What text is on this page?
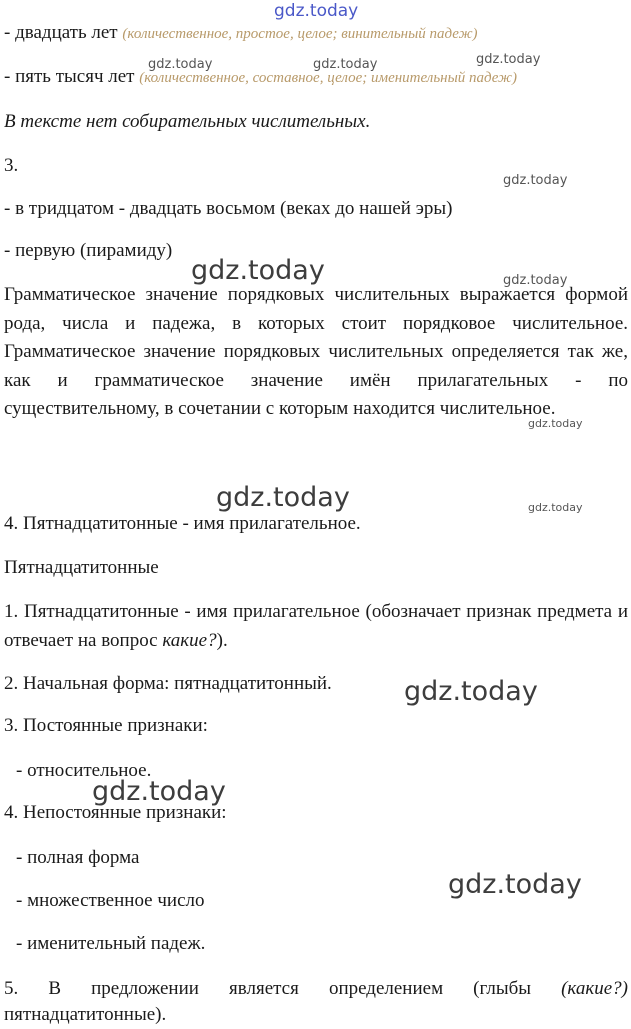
- двадцать лет (количественное, простое, целое; винительный падеж)
- пять тысяч лет (количественное, составное, целое; именительный падеж)
В тексте нет собирательных числительных.
3.
- в тридцатом - двадцать восьмом (веках до нашей эры)
- первую (пирамиду)
Грамматическое значение порядковых числительных выражается формой рода, числа и падежа, в которых стоит порядковое числительное. Грамматическое значение порядковых числительных определяется так же, как и грамматическое значение имён прилагательных - по существительному, в сочетании с которым находится числительное.
4. Пятнадцатитонные - имя прилагательное.
Пятнадцатитонные
1. Пятнадцатитонные - имя прилагательное (обозначает признак предмета и отвечает на вопрос какие?).
2. Начальная форма: пятнадцатитонный.
3. Постоянные признаки:
- относительное.
4. Непостоянные признаки:
- полная форма
- множественное число
- именительный падеж.
5. В предложении является определением (глыбы (какие?) пятнадцатитонные).
gdz.today
gdz.today	gdz.today	gdz.today
gdz.today
gdz.today	gdz.today
gdz.today
gdz.today	gdz.today
gdz.today
gdz.today
gdz.today
